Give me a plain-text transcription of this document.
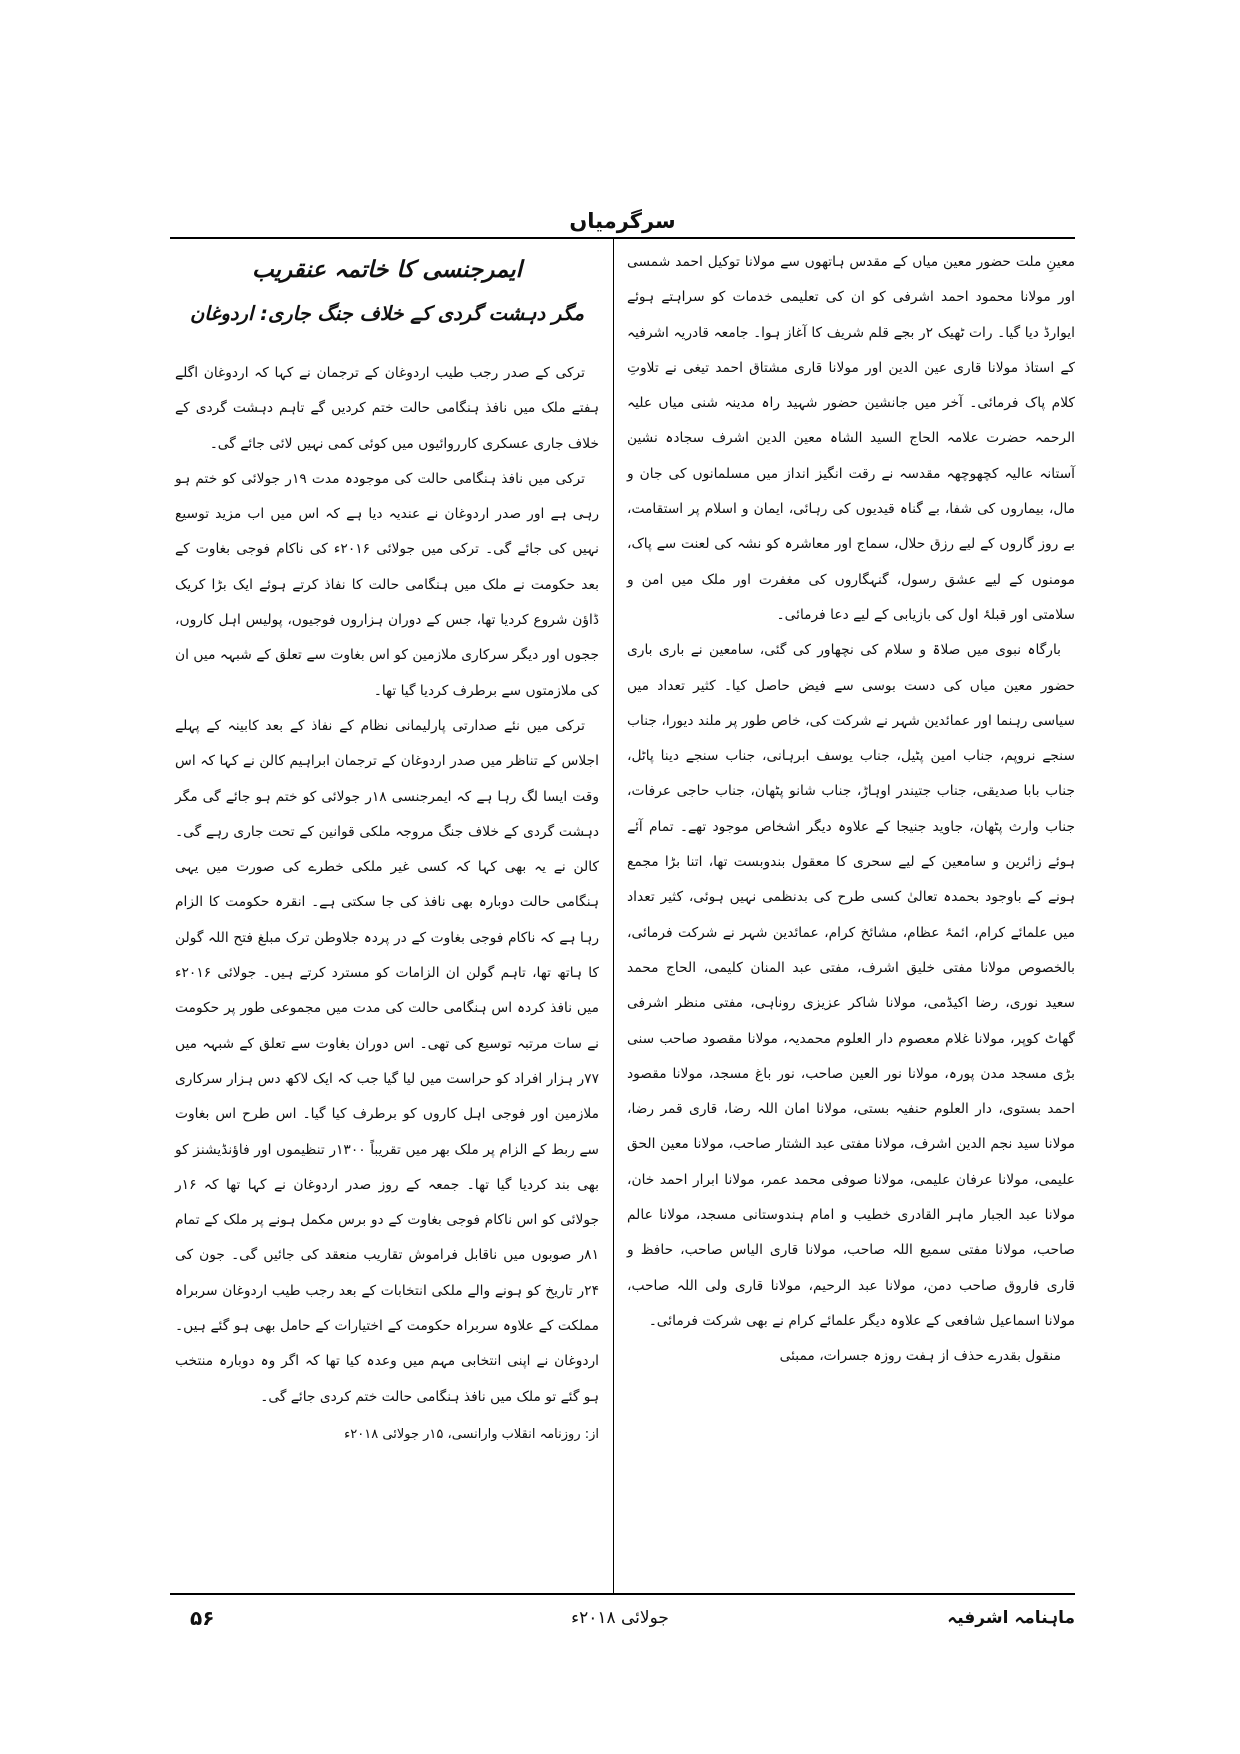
سرگرمیاں

معینِ ملت حضور معین میاں کے مقدس ہاتھوں سے مولانا توکیل احمد شمسی اور مولانا محمود احمد اشرفی کو ان کی تعلیمی خدمات کو سراہتے ہوئے ایوارڈ دیا گیا۔ رات ٹھیک ۲ر بجے قلم شریف کا آغاز ہوا۔ جامعہ قادریہ اشرفیہ کے استاذ مولانا قاری عین الدین اور مولانا قاری مشتاق احمد تیغی نے تلاوتِ کلام پاک فرمائی۔ آخر میں جانشین حضور شہید راہ مدینہ شنی میاں علیہ الرحمہ حضرت علامہ الحاج السید الشاہ معین الدین اشرف سجادہ نشین آستانہ عالیہ کچھوچھہ مقدسہ نے رقت انگیز انداز میں مسلمانوں کی جان و مال، بیماروں کی شفا، بے گناہ قیدیوں کی رہائی، ایمان و اسلام پر استقامت، بے روز گاروں کے لیے رزق حلال، سماج اور معاشرہ کو نشہ کی لعنت سے پاک، مومنوں کے لیے عشق رسول، گنہگاروں کی مغفرت اور ملک میں امن و سلامتی اور قبلۂ اول کی بازیابی کے لیے دعا فرمائی۔

بارگاہ نبوی میں صلاۃ و سلام کی نچھاور کی گئی، سامعین نے باری باری حضور معین میاں کی دست بوسی سے فیض حاصل کیا۔ کثیر تعداد میں سیاسی رہنما اور عمائدین شہر نے شرکت کی، خاص طور پر ملند دیورا، جناب سنجے نروپم، جناب امین پٹیل، جناب یوسف ابرہانی، جناب سنجے دینا پاٹل، جناب بابا صدیقی، جناب جتیندر اوہاڑ، جناب شانو پٹھان، جناب حاجی عرفات، جناب وارث پٹھان، جاوید جنیجا کے علاوہ دیگر اشخاص موجود تھے۔ تمام آئے ہوئے زائرین و سامعین کے لیے سحری کا معقول بندوبست تھا، اتنا بڑا مجمع ہونے کے باوجود بحمدہ تعالیٰ کسی طرح کی بدنظمی نہیں ہوئی، کثیر تعداد میں علمائے کرام، ائمۂ عظام، مشائخ کرام، عمائدین شہر نے شرکت فرمائی، بالخصوص مولانا مفتی خلیق اشرف، مفتی عبد المنان کلیمی، الحاج محمد سعید نوری، رضا اکیڈمی، مولانا شاکر عزیزی روناہی، مفتی منظر اشرفی گھاٹ کوپر، مولانا غلام معصوم دار العلوم محمدیہ، مولانا مقصود صاحب سنی بڑی مسجد مدن پورہ، مولانا نور العین صاحب، نور باغ مسجد، مولانا مقصود احمد بستوی، دار العلوم حنفیہ بستی، مولانا امان اللہ رضا، قاری قمر رضا، مولانا سید نجم الدین اشرف، مولانا مفتی عبد الشتار صاحب، مولانا معین الحق علیمی، مولانا عرفان علیمی، مولانا صوفی محمد عمر، مولانا ابرار احمد خان، مولانا عبد الجبار ماہر القادری خطیب و امام ہندوستانی مسجد، مولانا عالم صاحب، مولانا مفتی سمیع اللہ صاحب، مولانا قاری الیاس صاحب، حافظ و قاری فاروق صاحب دمن، مولانا عبد الرحیم، مولانا قاری ولی اللہ صاحب، مولانا اسماعیل شافعی کے علاوہ دیگر علمائے کرام نے بھی شرکت فرمائی۔

منقول بقدرے حذف از ہفت روزہ جسرات، ممبئی

ایمرجنسی کا خاتمہ عنقریب
مگر دہشت گردی کے خلاف جنگ جاری: اردوغان

ترکی کے صدر رجب طیب اردوغان کے ترجمان نے کہا کہ اردوغان اگلے ہفتے ملک میں نافذ ہنگامی حالت ختم کردیں گے تاہم دہشت گردی کے خلاف جاری عسکری کارروائیوں میں کوئی کمی نہیں لائی جائے گی۔

ترکی میں نافذ ہنگامی حالت کی موجودہ مدت ۱۹ر جولائی کو ختم ہو رہی ہے اور صدر اردوغان نے عندیہ دیا ہے کہ اس میں اب مزید توسیع نہیں کی جائے گی۔ ترکی میں جولائی ۲۰۱۶ء کی ناکام فوجی بغاوت کے بعد حکومت نے ملک میں ہنگامی حالت کا نفاذ کرتے ہوئے ایک بڑا کریک ڈاؤن شروع کردیا تھا، جس کے دوران ہزاروں فوجیوں، پولیس اہل کاروں، ججوں اور دیگر سرکاری ملازمین کو اس بغاوت سے تعلق کے شبہہ میں ان کی ملازمتوں سے برطرف کردیا گیا تھا۔

ترکی میں نئے صدارتی پارلیمانی نظام کے نفاذ کے بعد کابینہ کے پہلے اجلاس کے تناظر میں صدر اردوغان کے ترجمان ابراہیم کالن نے کہا کہ اس وقت ایسا لگ رہا ہے کہ ایمرجنسی ۱۸ر جولائی کو ختم ہو جائے گی مگر دہشت گردی کے خلاف جنگ مروجہ ملکی قوانین کے تحت جاری رہے گی۔ کالن نے یہ بھی کہا کہ کسی غیر ملکی خطرے کی صورت میں یہی ہنگامی حالت دوبارہ بھی نافذ کی جا سکتی ہے۔ انقرہ حکومت کا الزام رہا ہے کہ ناکام فوجی بغاوت کے در پردہ جلاوطن ترک مبلغ فتح اللہ گولن کا ہاتھ تھا، تاہم گولن ان الزامات کو مسترد کرتے ہیں۔ جولائی ۲۰۱۶ء میں نافذ کردہ اس ہنگامی حالت کی مدت میں مجموعی طور پر حکومت نے سات مرتبہ توسیع کی تھی۔ اس دوران بغاوت سے تعلق کے شبہہ میں ۷۷ر ہزار افراد کو حراست میں لیا گیا جب کہ ایک لاکھ دس ہزار سرکاری ملازمین اور فوجی اہل کاروں کو برطرف کیا گیا۔ اس طرح اس بغاوت سے ربط کے الزام پر ملک بھر میں تقریباً ۱۳۰۰ر تنظیموں اور فاؤنڈیشنز کو بھی بند کردیا گیا تھا۔ جمعہ کے روز صدر اردوغان نے کہا تھا کہ ۱۶ر جولائی کو اس ناکام فوجی بغاوت کے دو برس مکمل ہونے پر ملک کے تمام ۸۱ر صوبوں میں ناقابل فراموش تقاریب منعقد کی جائیں گی۔ جون کی ۲۴ر تاریخ کو ہونے والے ملکی انتخابات کے بعد رجب طیب اردوغان سربراہ مملکت کے علاوہ سربراہ حکومت کے اختیارات کے حامل بھی ہو گئے ہیں۔ اردوغان نے اپنی انتخابی مہم میں وعدہ کیا تھا کہ اگر وہ دوبارہ منتخب ہو گئے تو ملک میں نافذ ہنگامی حالت ختم کردی جائے گی۔

از: روزنامہ انقلاب وارانسی، ۱۵ر جولائی ۲۰۱۸ء

۵۶	جولائی ۲۰۱۸ء	ماہنامہ اشرفیہ
